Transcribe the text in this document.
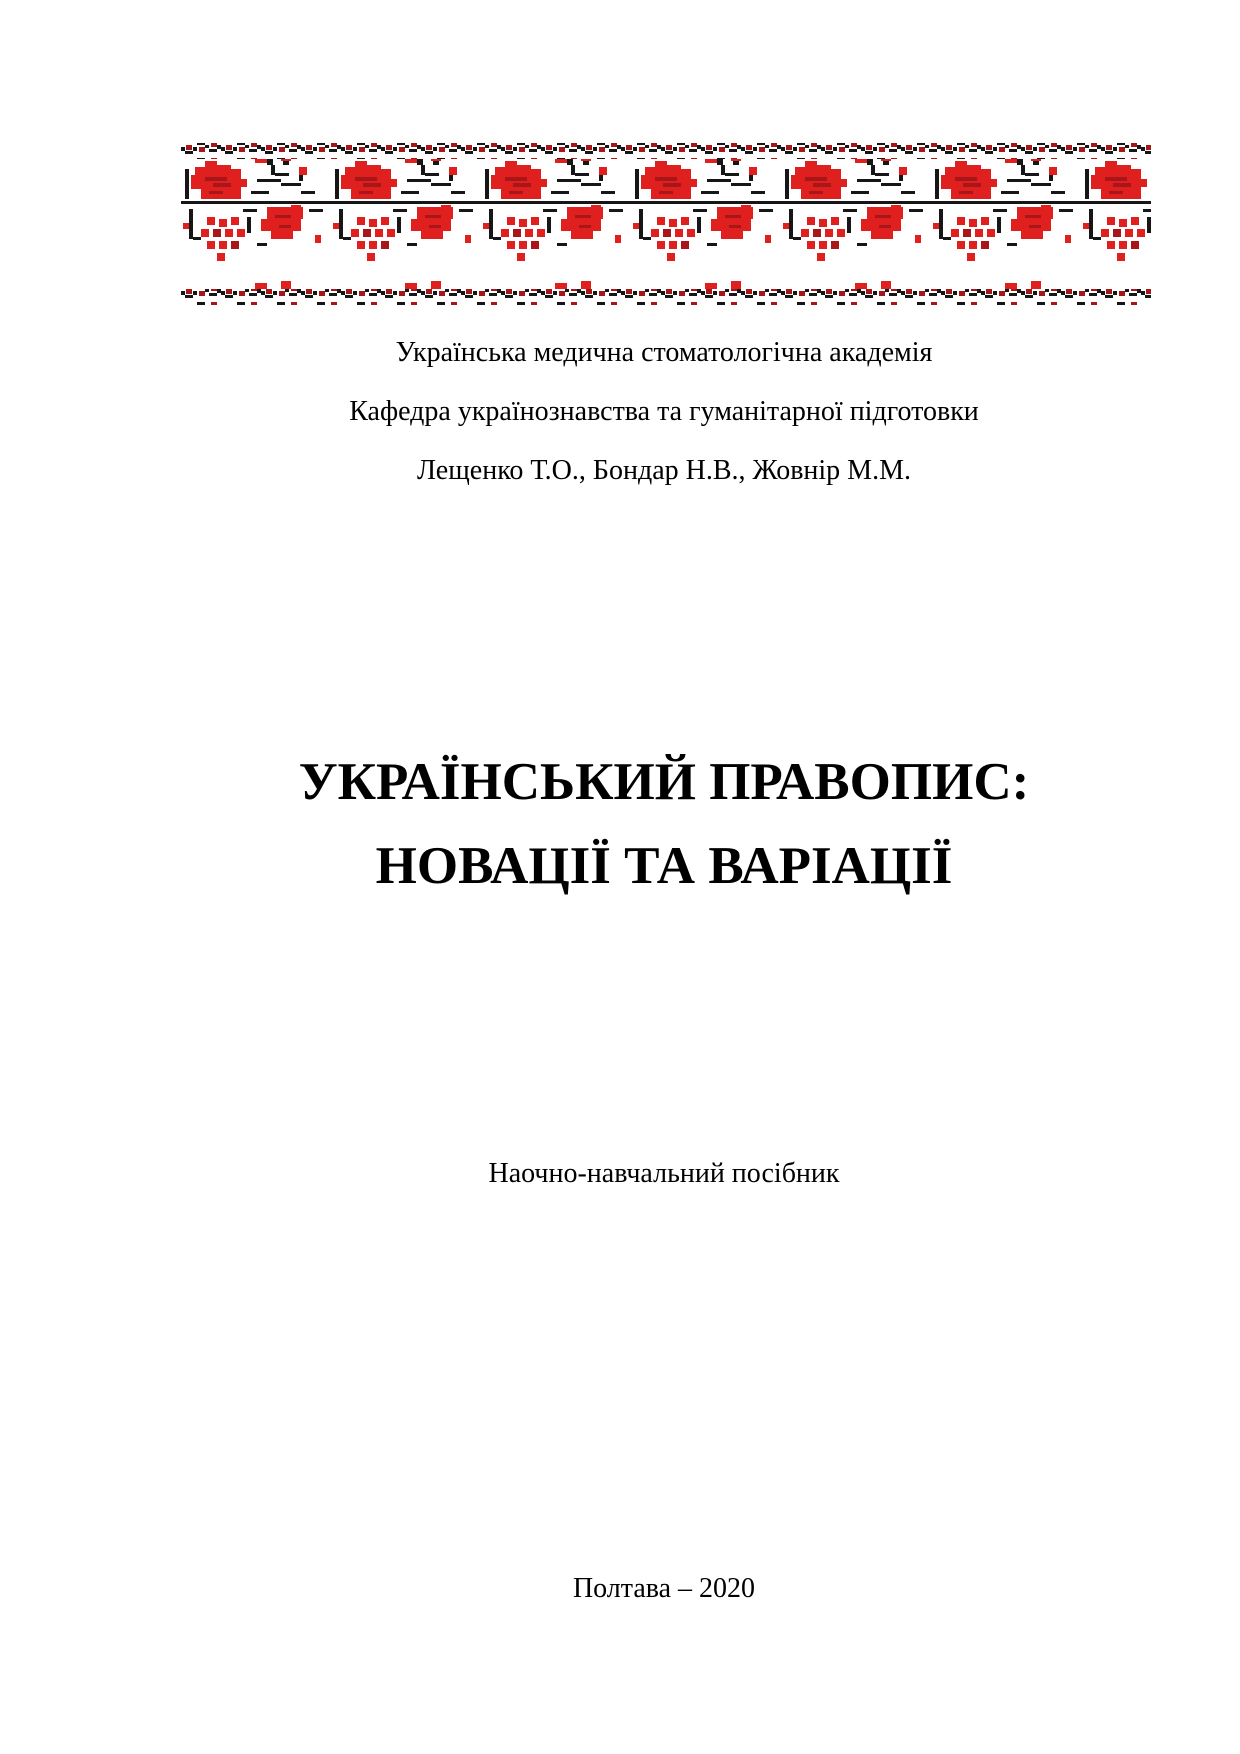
Українська медична стоматологічна академія
Кафедра українознавства та гуманітарної підготовки
Лещенко Т.О., Бондар Н.В., Жовнір М.М.
УКРАЇНСЬКИЙ ПРАВОПИС:
НОВАЦІЇ ТА ВАРІАЦІЇ
Наочно-навчальний посібник
Полтава – 2020
